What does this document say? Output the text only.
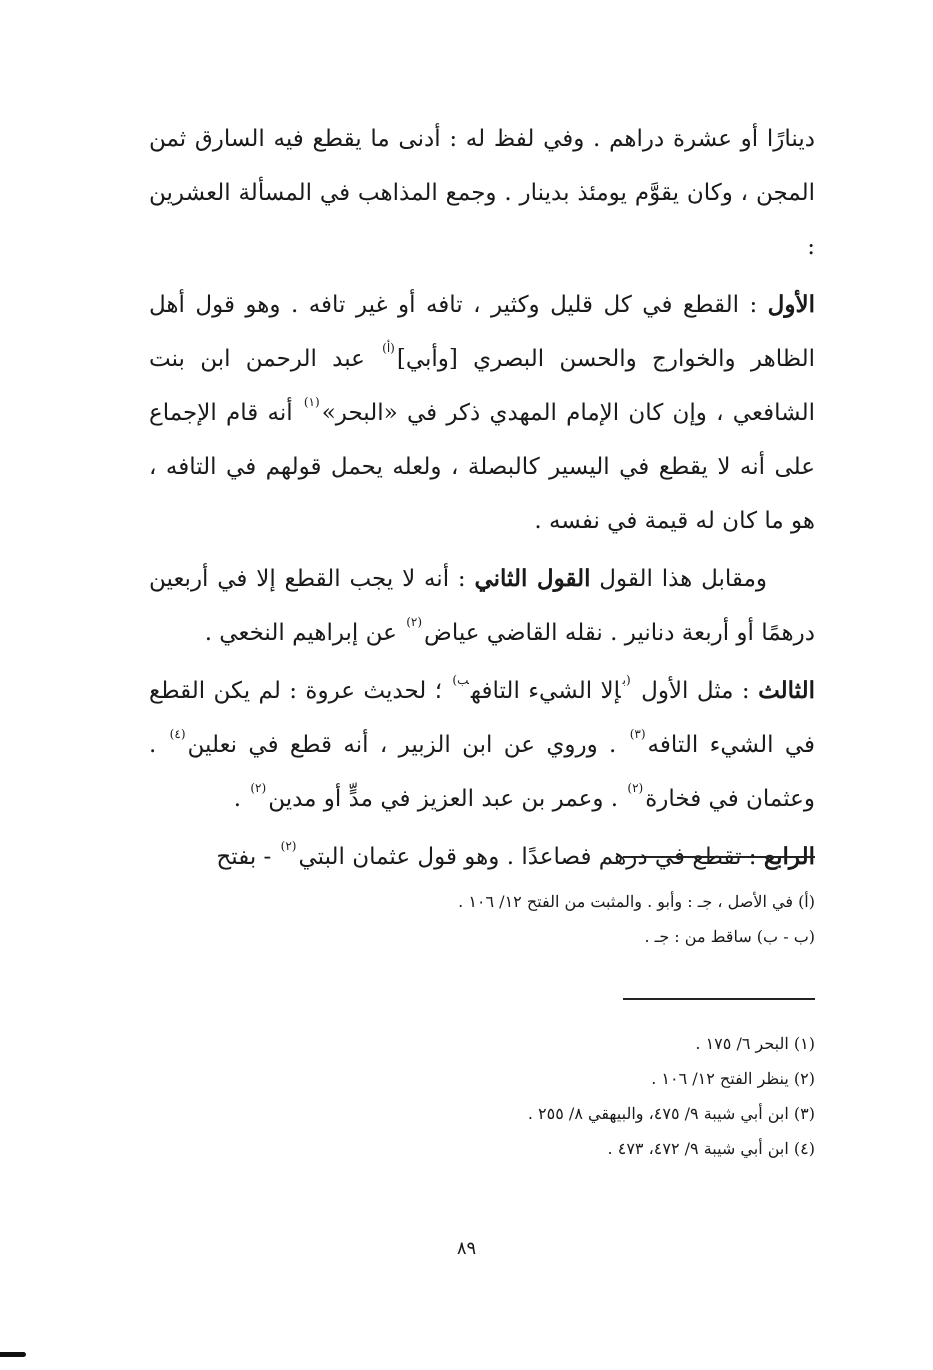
دينارًا أو عشرة دراهم . وفي لفظ له : أدنى ما يقطع فيه السارق ثمن المجن ، وكان يقوَّم يومئذ بدينار . وجمع المذاهب في المسألة العشرين :

الأول : القطع في كل قليل وكثير ، تافه أو غير تافه . وهو قول أهل الظاهر والخوارج والحسن البصري [وأبي]$^{(أ)}$ عبد الرحمن ابن بنت الشافعي ، وإن كان الإمام المهدي ذكر في «البحر»$^{(١)}$ أنه قام الإجماع على أنه لا يقطع في اليسير كالبصلة ، ولعله يحمل قولهم في التافه ، هو ما كان له قيمة في نفسه .

ومقابل هذا القول القول الثاني : أنه لا يجب القطع إلا في أربعين درهمًا أو أربعة دنانير . نقله القاضي عياض$^{(٢)}$ عن إبراهيم النخعي .

الثالث : مثل الأول $^{(ب}$إلا الشيء التافه$^{ب)}$ ؛ لحديث عروة : لم يكن القطع في الشيء التافه$^{(٣)}$ . وروي عن ابن الزبير ، أنه قطع في نعلين$^{(٤)}$ . وعثمان في فخارة$^{(٢)}$ . وعمر بن عبد العزيز في مدٍّ أو مدين$^{(٢)}$ .

الرابع : تقطع في درهم فصاعدًا . وهو قول عثمان البتي$^{(٢)}$ - بفتح

(أ) في الأصل ، جـ : وأبو . والمثبت من الفتح ١٢/ ١٠٦ .

(ب - ب) ساقط من : جـ .

(١) البحر ٦/ ١٧٥ .

(٢) ينظر الفتح ١٢/ ١٠٦ .

(٣) ابن أبي شيبة ٩/ ٤٧٥، والبيهقي ٨/ ٢٥٥ .

(٤) ابن أبي شيبة ٩/ ٤٧٢، ٤٧٣ .

٨٩
